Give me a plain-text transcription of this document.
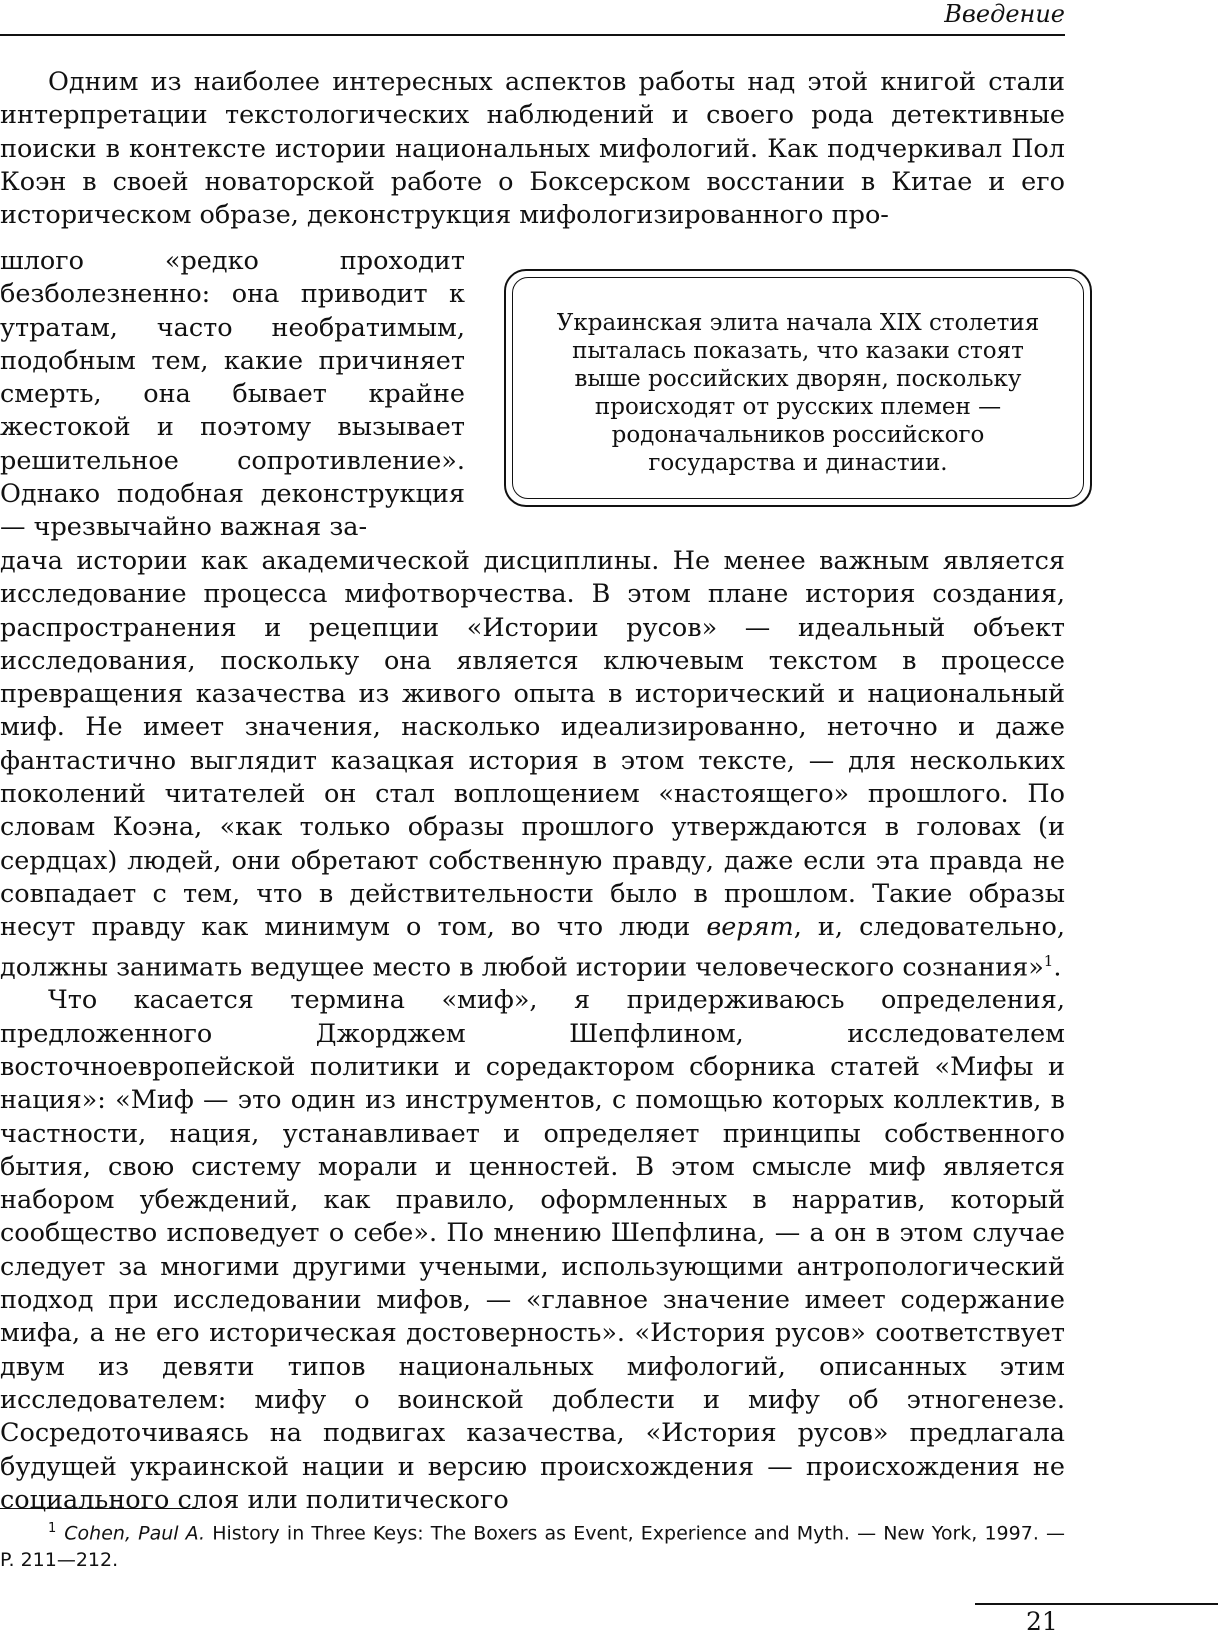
Введение

Одним из наиболее интересных аспектов работы над этой книгой стали интерпретации текстологических наблюдений и своего рода детективные поиски в контексте истории национальных мифологий. Как подчеркивал Пол Коэн в своей новаторской работе о Боксерском восстании в Китае и его историческом образе, деконструкция мифологизированного про-

шлого «редко проходит безболезненно: она приводит к утратам, часто необратимым, подобным тем, какие причиняет смерть, она бывает крайне жестокой и поэтому вызывает решительное сопротивление». Однако подобная деконструкция — чрезвычайно важная за-
Украинская элита начала XIX столетия пыталась показать, что казаки стоят выше российских дворян, поскольку происходят от русских племен — родоначальников российского государства и династии.

дача истории как академической дисциплины. Не менее важным является исследование процесса мифотворчества. В этом плане история создания, распространения и рецепции «Истории русов» — идеальный объект исследования, поскольку она является ключевым текстом в процессе превращения казачества из живого опыта в исторический и национальный миф. Не имеет значения, насколько идеализированно, неточно и даже фантастично выглядит казацкая история в этом тексте, — для нескольких поколений читателей он стал воплощением «настоящего» прошлого. По словам Коэна, «как только образы прошлого утверждаются в головах (и сердцах) людей, они обретают собственную правду, даже если эта правда не совпадает с тем, что в действительности было в прошлом. Такие образы несут правду как минимум о том, во что люди верят, и, следовательно, должны занимать ведущее место в любой истории человеческого сознания»$^1$.

Что касается термина «миф», я придерживаюсь определения, предложенного Джорджем Шепфлином, исследователем восточноевропейской политики и соредактором сборника статей «Мифы и нация»: «Миф — это один из инструментов, с помощью которых коллектив, в частности, нация, устанавливает и определяет принципы собственного бытия, свою систему морали и ценностей. В этом смысле миф является набором убеждений, как правило, оформленных в нарратив, который сообщество исповедует о себе». По мнению Шепфлина, — а он в этом случае следует за многими другими учеными, использующими антропологический подход при исследовании мифов, — «главное значение имеет содержание мифа, а не его историческая достоверность». «История русов» соответствует двум из девяти типов национальных мифологий, описанных этим исследователем: мифу о воинской доблести и мифу об этногенезе. Сосредоточиваясь на подвигах казачества, «История русов» предлагала будущей украинской нации и версию происхождения — происхождения не социального слоя или политического

$^1$ Cohen, Paul A. History in Three Keys: The Boxers as Event, Experience and Myth. — New York, 1997. — P. 211—212.
21
